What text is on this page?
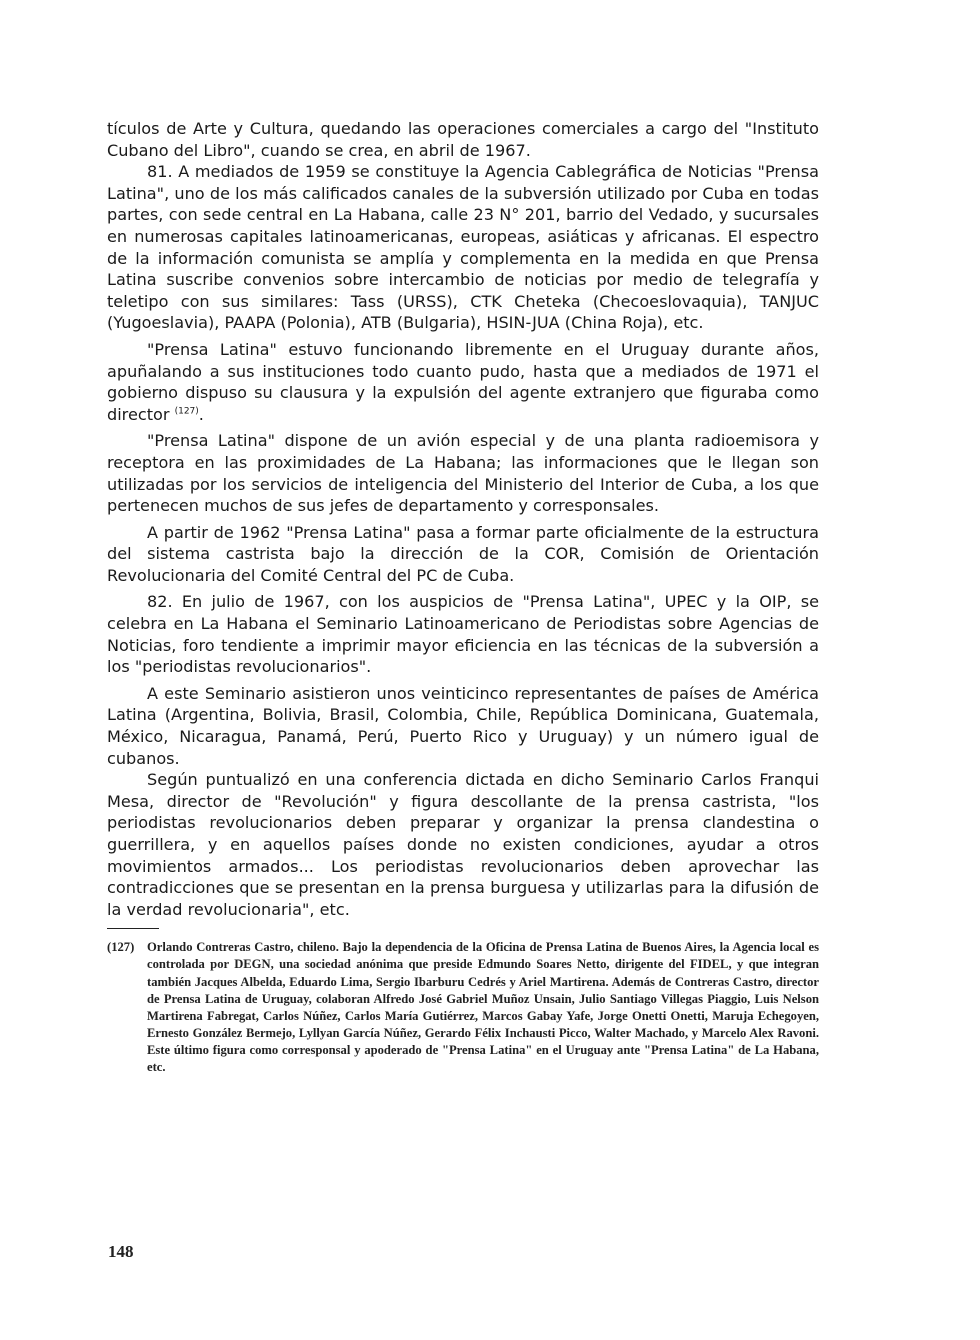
tículos de Arte y Cultura, quedando las operaciones comerciales a cargo del "Instituto Cubano del Libro", cuando se crea, en abril de 1967.

81. A mediados de 1959 se constituye la Agencia Cablegráfica de Noticias "Prensa Latina", uno de los más calificados canales de la subversión utilizado por Cuba en todas partes, con sede central en La Habana, calle 23 N° 201, barrio del Vedado, y sucursales en numerosas capitales latinoamericanas, europeas, asiáticas y africanas. El espectro de la información comunista se amplía y complementa en la medida en que Prensa Latina suscribe convenios sobre intercambio de noticias por medio de telegrafía y teletipo con sus similares: Tass (URSS), CTK Cheteka (Checoeslovaquia), TANJUC (Yugoeslavia), PAAPA (Polonia), ATB (Bulgaria), HSIN-JUA (China Roja), etc.

"Prensa Latina" estuvo funcionando libremente en el Uruguay durante años, apuñalando a sus instituciones todo cuanto pudo, hasta que a mediados de 1971 el gobierno dispuso su clausura y la expulsión del agente extranjero que figuraba como director $^{(127)}$.

"Prensa Latina" dispone de un avión especial y de una planta radioemisora y receptora en las proximidades de La Habana; las informaciones que le llegan son utilizadas por los servicios de inteligencia del Ministerio del Interior de Cuba, a los que pertenecen muchos de sus jefes de departamento y corresponsales.

A partir de 1962 "Prensa Latina" pasa a formar parte oficialmente de la estructura del sistema castrista bajo la dirección de la COR, Comisión de Orientación Revolucionaria del Comité Central del PC de Cuba.

82. En julio de 1967, con los auspicios de "Prensa Latina", UPEC y la OIP, se celebra en La Habana el Seminario Latinoamericano de Periodistas sobre Agencias de Noticias, foro tendiente a imprimir mayor eficiencia en las técnicas de la subversión a los "periodistas revolucionarios".

A este Seminario asistieron unos veinticinco representantes de países de América Latina (Argentina, Bolivia, Brasil, Colombia, Chile, República Dominicana, Guatemala, México, Nicaragua, Panamá, Perú, Puerto Rico y Uruguay) y un número igual de cubanos.

Según puntualizó en una conferencia dictada en dicho Seminario Carlos Franqui Mesa, director de "Revolución" y figura descollante de la prensa castrista, "los periodistas revolucionarios deben preparar y organizar la prensa clandestina o guerrillera, y en aquellos países donde no existen condiciones, ayudar a otros movimientos armados... Los periodistas revolucionarios deben aprovechar las contradicciones que se presentan en la prensa burguesa y utilizarlas para la difusión de la verdad revolucionaria", etc.

(127)	Orlando Contreras Castro, chileno. Bajo la dependencia de la Oficina de Prensa Latina de Buenos Aires, la Agencia local es controlada por DEGN, una sociedad anónima que preside Edmundo Soares Netto, dirigente del FIDEL, y que integran también Jacques Albelda, Eduardo Lima, Sergio Ibarburu Cedrés y Ariel Martirena. Además de Contreras Castro, director de Prensa Latina de Uruguay, colaboran Alfredo José Gabriel Muñoz Unsain, Julio Santiago Villegas Piaggio, Luis Nelson Martirena Fabregat, Carlos Núñez, Carlos María Gutiérrez, Marcos Gabay Yafe, Jorge Onetti Onetti, Maruja Echegoyen, Ernesto González Bermejo, Lyllyan García Núñez, Gerardo Félix Inchausti Picco, Walter Machado, y Marcelo Alex Ravoni. Este último figura como corresponsal y apoderado de "Prensa Latina" en el Uruguay ante "Prensa Latina" de La Habana, etc.
148
